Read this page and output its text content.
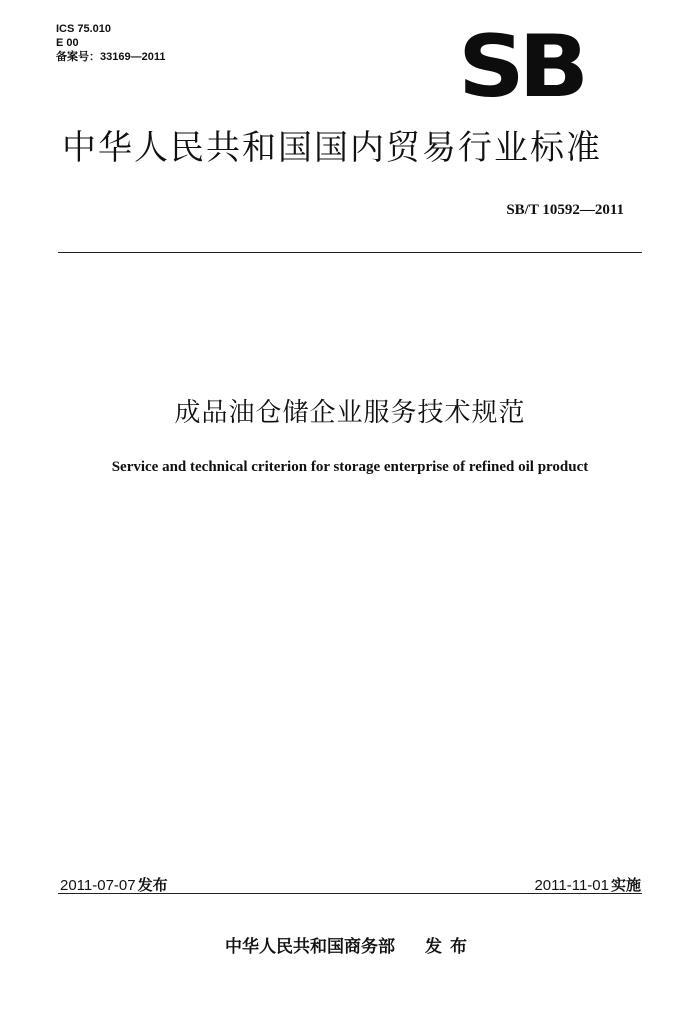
ICS 75.010
E 00
备案号：33169—2011	SB
中华人民共和国国内贸易行业标准
SB/T 10592—2011
成品油仓储企业服务技术规范
Service and technical criterion for storage enterprise of refined oil product
2011-07-07 发布	2011-11-01 实施
中华人民共和国商务部 发布
